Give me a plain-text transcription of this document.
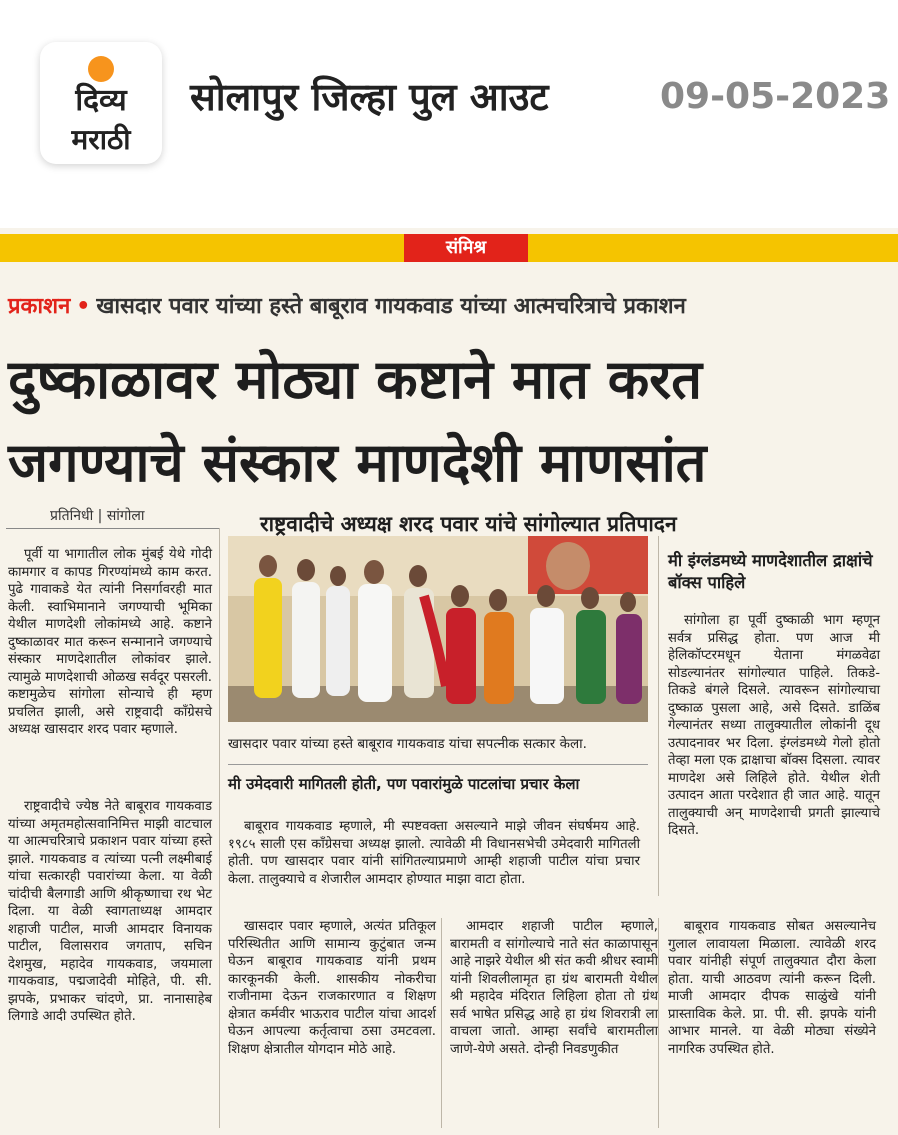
दिव्य
मराठी
सोलापुर जिल्हा पुल आउट	09-05-2023
संमिश्र
प्रकाशन • खासदार पवार यांच्या हस्ते बाबूराव गायकवाड यांच्या आत्मचरित्राचे प्रकाशन
दुष्काळावर मोठ्या कष्टाने मात करत
जगण्याचे संस्कार माणदेशी माणसांत
प्रतिनिधी | सांगोला	राष्ट्रवादीचे अध्यक्ष शरद पवार यांचे सांगोल्यात प्रतिपादन

पूर्वी या भागातील लोक मुंबई येथे गोदी कामगार व कापड गिरण्यांमध्ये काम करत. पुढे गावाकडे येत त्यांनी निसर्गावरही मात केली. स्वाभिमानाने जगण्याची भूमिका येथील माणदेशी लोकांमध्ये आहे. कष्टाने दुष्काळावर मात करून सन्मानाने जगण्याचे संस्कार माणदेशातील लोकांवर झाले. त्यामुळे माणदेशाची ओळख सर्वदूर पसरली. कष्टामुळेच सांगोला सोन्याचे ही म्हण प्रचलित झाली, असे राष्ट्रवादी काँग्रेसचे अध्यक्ष खासदार शरद पवार म्हणाले.

राष्ट्रवादीचे ज्येष्ठ नेते बाबूराव गायकवाड यांच्या अमृतमहोत्सवानिमित्त माझी वाटचाल या आत्मचरित्राचे प्रकाशन पवार यांच्या हस्ते झाले. गायकवाड व त्यांच्या पत्नी लक्ष्मीबाई यांचा सत्कारही पवारांच्या केला. या वेळी चांदीची बैलगाडी आणि श्रीकृष्णाचा रथ भेट दिला. या वेळी स्वागताध्यक्ष आमदार शहाजी पाटील, माजी आमदार विनायक पाटील, विलासराव जगताप, सचिन देशमुख, महादेव गायकवाड, जयमाला गायकवाड, पद्मजादेवी मोहिते, पी. सी. झपके, प्रभाकर चांदणे, प्रा. नानासाहेब लिगाडे आदी उपस्थित होते.

खासदार पवार यांच्या हस्ते बाबूराव गायकवाड यांचा सपत्नीक सत्कार केला.
मी उमेदवारी मागितली होती, पण पवारांमुळे पाटलांचा प्रचार केला

बाबूराव गायकवाड म्हणाले, मी स्पष्टवक्ता असल्याने माझे जीवन संघर्षमय आहे. १९८५ साली एस काँग्रेसचा अध्यक्ष झालो. त्यावेळी मी विधानसभेची उमेदवारी मागितली होती. पण खासदार पवार यांनी सांगितल्याप्रमाणे आम्ही शहाजी पाटील यांचा प्रचार केला. तालुक्याचे व शेजारील आमदार होण्यात माझा वाटा होता.

मी इंग्लंडमध्ये माणदेशातील द्राक्षांचे बॉक्स पाहिले

सांगोला हा पूर्वी दुष्काळी भाग म्हणून सर्वत्र प्रसिद्ध होता. पण आज मी हेलिकॉप्टरमधून येताना मंगळवेढा सोडल्यानंतर सांगोल्यात पाहिले. तिकडे-तिकडे बंगले दिसले. त्यावरून सांगोल्याचा दुष्काळ पुसला आहे, असे दिसते. डाळिंब गेल्यानंतर सध्या तालुक्यातील लोकांनी दूध उत्पादनावर भर दिला. इंग्लंडमध्ये गेलो होतो तेव्हा मला एक द्राक्षाचा बॉक्स दिसला. त्यावर माणदेश असे लिहिले होते. येथील शेती उत्पादन आता परदेशात ही जात आहे. यातून तालुक्याची अन् माणदेशाची प्रगती झाल्याचे दिसते.

खासदार पवार म्हणाले, अत्यंत प्रतिकूल परिस्थितीत आणि सामान्य कुटुंबात जन्म घेऊन बाबूराव गायकवाड यांनी प्रथम कारकूनकी केली. शासकीय नोकरीचा राजीनामा देऊन राजकारणात व शिक्षण क्षेत्रात कर्मवीर भाऊराव पाटील यांचा आदर्श घेऊन आपल्या कर्तृत्वाचा ठसा उमटवला. शिक्षण क्षेत्रातील योगदान मोठे आहे.

आमदार शहाजी पाटील म्हणाले, बारामती व सांगोल्याचे नाते संत काळापासून आहे नाझरे येथील श्री संत कवी श्रीधर स्वामी यांनी शिवलीलामृत हा ग्रंथ बारामती येथील श्री महादेव मंदिरात लिहिला होता तो ग्रंथ सर्व भाषेत प्रसिद्ध आहे हा ग्रंथ शिवरात्री ला वाचला जातो. आम्हा सर्वांचे बारामतीला जाणे-येणे असते. दोन्ही निवडणुकीत

बाबूराव गायकवाड सोबत असल्यानेच गुलाल लावायला मिळाला. त्यावेळी शरद पवार यांनीही संपूर्ण तालुक्यात दौरा केला होता. याची आठवण त्यांनी करून दिली. माजी आमदार दीपक साळुंखे यांनी प्रास्ताविक केले. प्रा. पी. सी. झपके यांनी आभार मानले. या वेळी मोठ्या संख्येने नागरिक उपस्थित होते.
